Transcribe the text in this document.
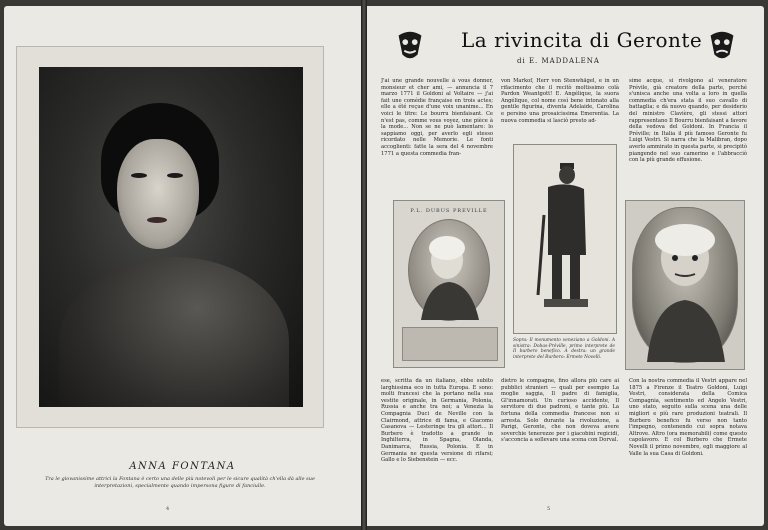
ANNA FONTANA
Tra le giovanissime attrici la Fontana è certo una delle più notevoli per le sicure qualità ch'ella dà alle sue interpretazioni, specialmente quando impersona figure di fanciulle.
4
La rivincita di Geronte
di E. MADDALENA
J'ai une grande nouvelle à vous donner, monsieur et cher ami, — annuncia il 7 marzo 1771 il Goldoni al Voltaire — j'ai fait une comédie française en trois actes; elle a été reçue d'une voix unanime... En voici le titre: Le bourru bienfaisant. Ce n'est pas, comme vous voyez, une pièce à la mode... Non se ne può lamentare: lo sappiamo oggi, per averlo egli stesso ricordato nelle Memorie. Le fonti accoglienti: fatte la sera del 4 novembre 1771 a questa commedia fran-
von Markof, Herr von Stenwhägel, e in un rifacimento che il recitò moltissimo colà Pardon Weantgott! E. Angélique, la suora Angélique, col nome così bene intonato alla gentile figurina, diventa Adelaide, Carolina e persino una prosaicissima Emerentia. La nuova commedia si lasciò presto ad-
sime acque, si rivolgono al veneratore Prévile, già creatore della parte, perché s'unisca anche una volta a loro in quella commedia ch'era stata il suo cavallo di battaglia; e dà nuovo quando, per desiderio del ministro Clavière, gli stessi attori rappresentano Il Bourru bienfaisant a favore della vedova del Goldoni. In Francia il Préville; in Italia il più famoso Geronte fu Luigi Vestri. Si narra che la Malibran, dopo averlo ammirato in questa parte, si precipitò piangendo nel suo camerino e l'abbracciò con la più grande effusione.
P.L. DUBUS PREVILLE
Sopra: Il monumento veneziano a Goldoni. A sinistra: Dobas-Préville, primo interprete de Il burbero benefico. A destra: un grande interprete del Burbero: Ermete Novelli.
ese, scritta da un italiano, ebbe subito larghissima eco in tutta Europa. E sono: molti francesi che la portano nella sua vestite originale, in Germania, Polonia, Russia e anche tra noi; a Venezia la Compagnia Duci de Neville con la Clairmond, attrice di fama, e Giacomo Casanova — Lesteringe tra gli attori... Il Burbero è tradotto a grande in Inghilterra, in Spagna, Olanda, Danimarca, Russia, Polonia. E in Germania ne questa versione di rifarsi; Gallo e lo Siebenstein — ecc.
dietro le compagne, fino allora più care ai pubblici stranieri — quali per esempio La moglie saggia, Il padre di famiglia, Gl'innamorati. Un curioso accidente, Il servitore di due padroni, e tante più. La fortuna della commedia francese non si arresta. Solo durante la rivoluzione, a Parigi, Geronte, che non doveva avere soverchie tenerezze per i giacobini regicidi, s'acconcia a sollevare una scena con Dorval.
Con la nostra commedia il Vestri appare nel 1875 a Firenze il Teatro Goldoni, Luigi Vestri, considerata della Comica Compagnia, sentimento ed Angelo Vestri, uno stato, seguito sulla scena una delle migliori e più rare produzioni teatrali. Il Burbero benefico fu verso non tanto l'impegno, contenendo cui sopra notava Altrove. Altro (ora memorabili) come questo capolavoro. E col Burbero che Ermete Novelli il primo novembre, egli maggiore al Valle la sua Casa di Goldoni.
5
